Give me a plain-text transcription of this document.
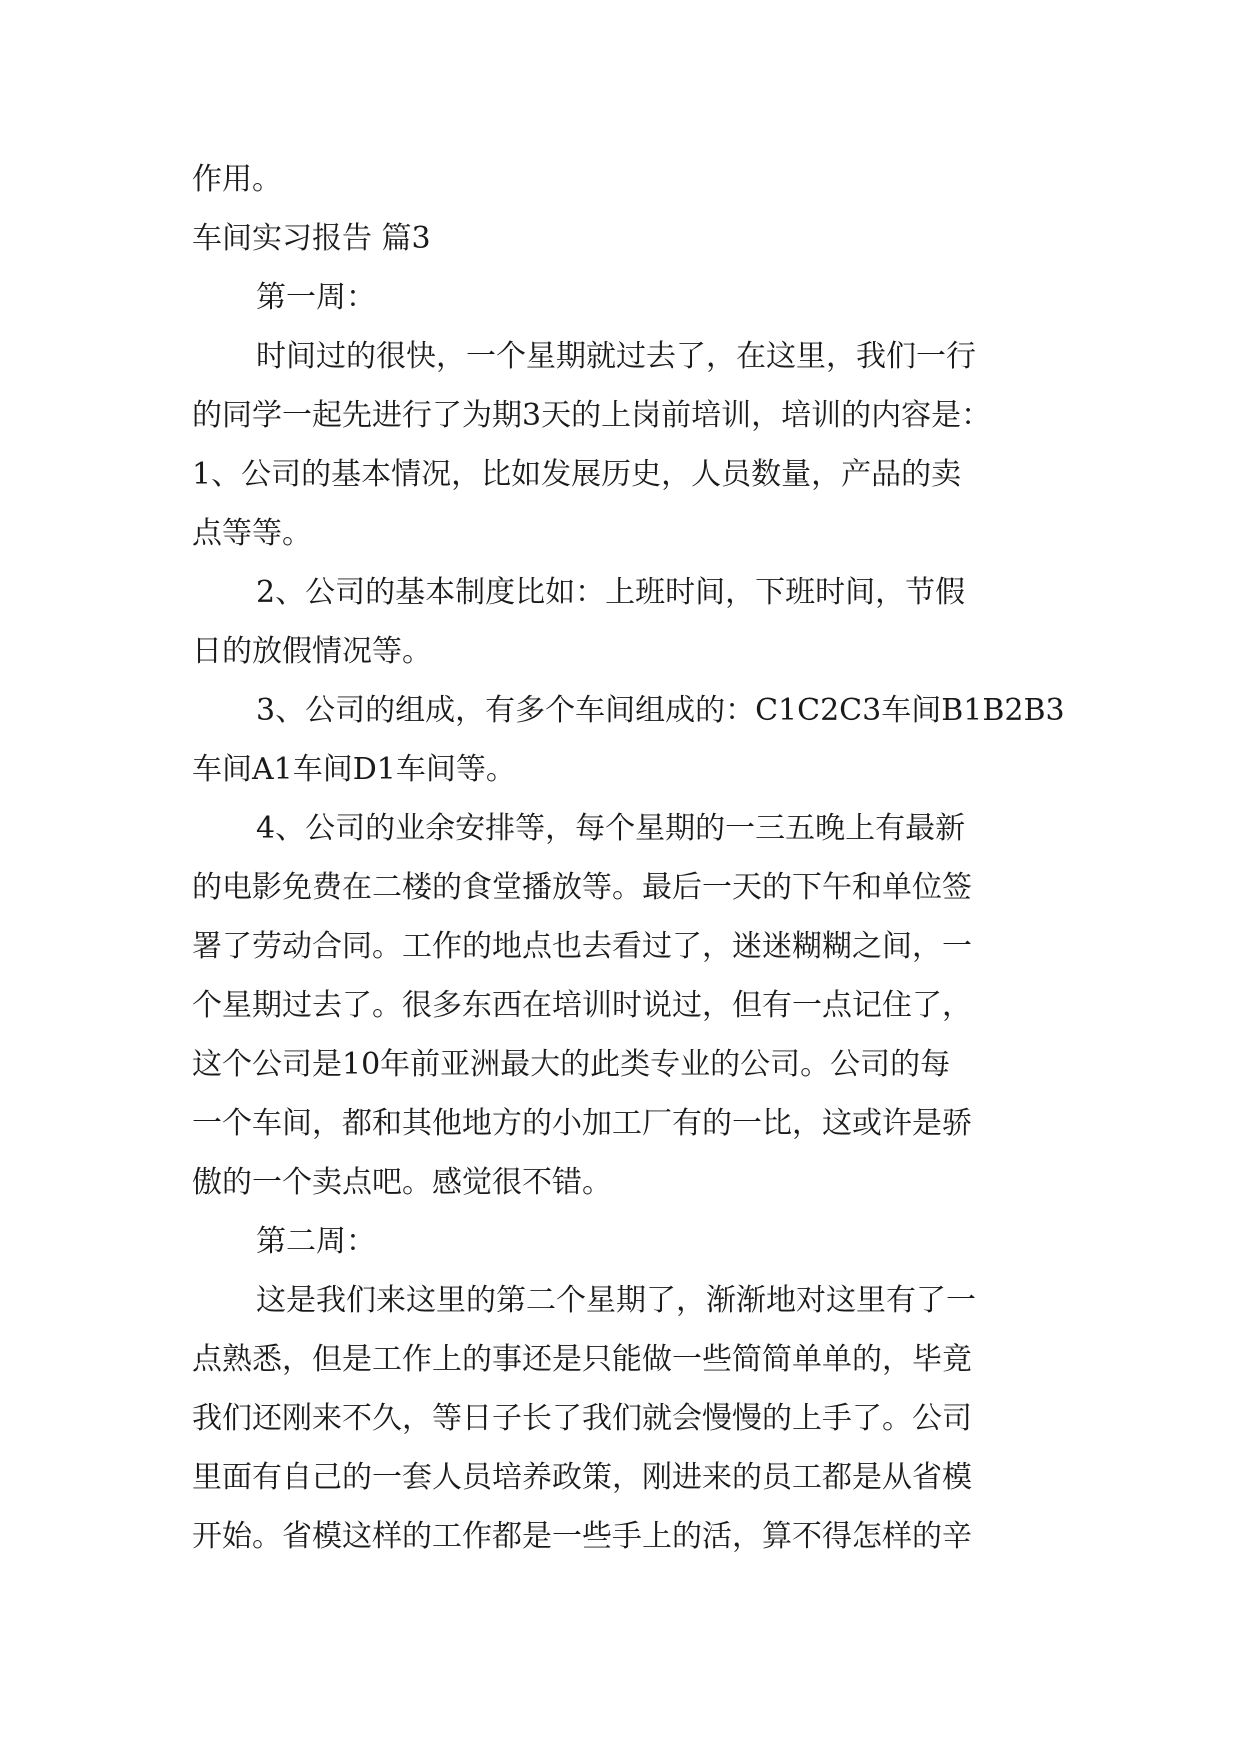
作用。
车间实习报告 篇3
第一周：
时间过的很快，一个星期就过去了，在这里，我们一行
的同学一起先进行了为期3天的上岗前培训，培训的内容是：
1、公司的基本情况，比如发展历史，人员数量，产品的卖
点等等。
2、公司的基本制度比如：上班时间，下班时间，节假
日的放假情况等。
3、公司的组成，有多个车间组成的：C1C2C3车间B1B2B3
车间A1车间D1车间等。
4、公司的业余安排等，每个星期的一三五晚上有最新
的电影免费在二楼的食堂播放等。最后一天的下午和单位签
署了劳动合同。工作的地点也去看过了，迷迷糊糊之间，一
个星期过去了。很多东西在培训时说过，但有一点记住了，
这个公司是10年前亚洲最大的此类专业的公司。公司的每
一个车间，都和其他地方的小加工厂有的一比，这或许是骄
傲的一个卖点吧。感觉很不错。
第二周：
这是我们来这里的第二个星期了，渐渐地对这里有了一
点熟悉，但是工作上的事还是只能做一些简简单单的，毕竟
我们还刚来不久，等日子长了我们就会慢慢的上手了。公司
里面有自己的一套人员培养政策，刚进来的员工都是从省模
开始。省模这样的工作都是一些手上的活，算不得怎样的辛
